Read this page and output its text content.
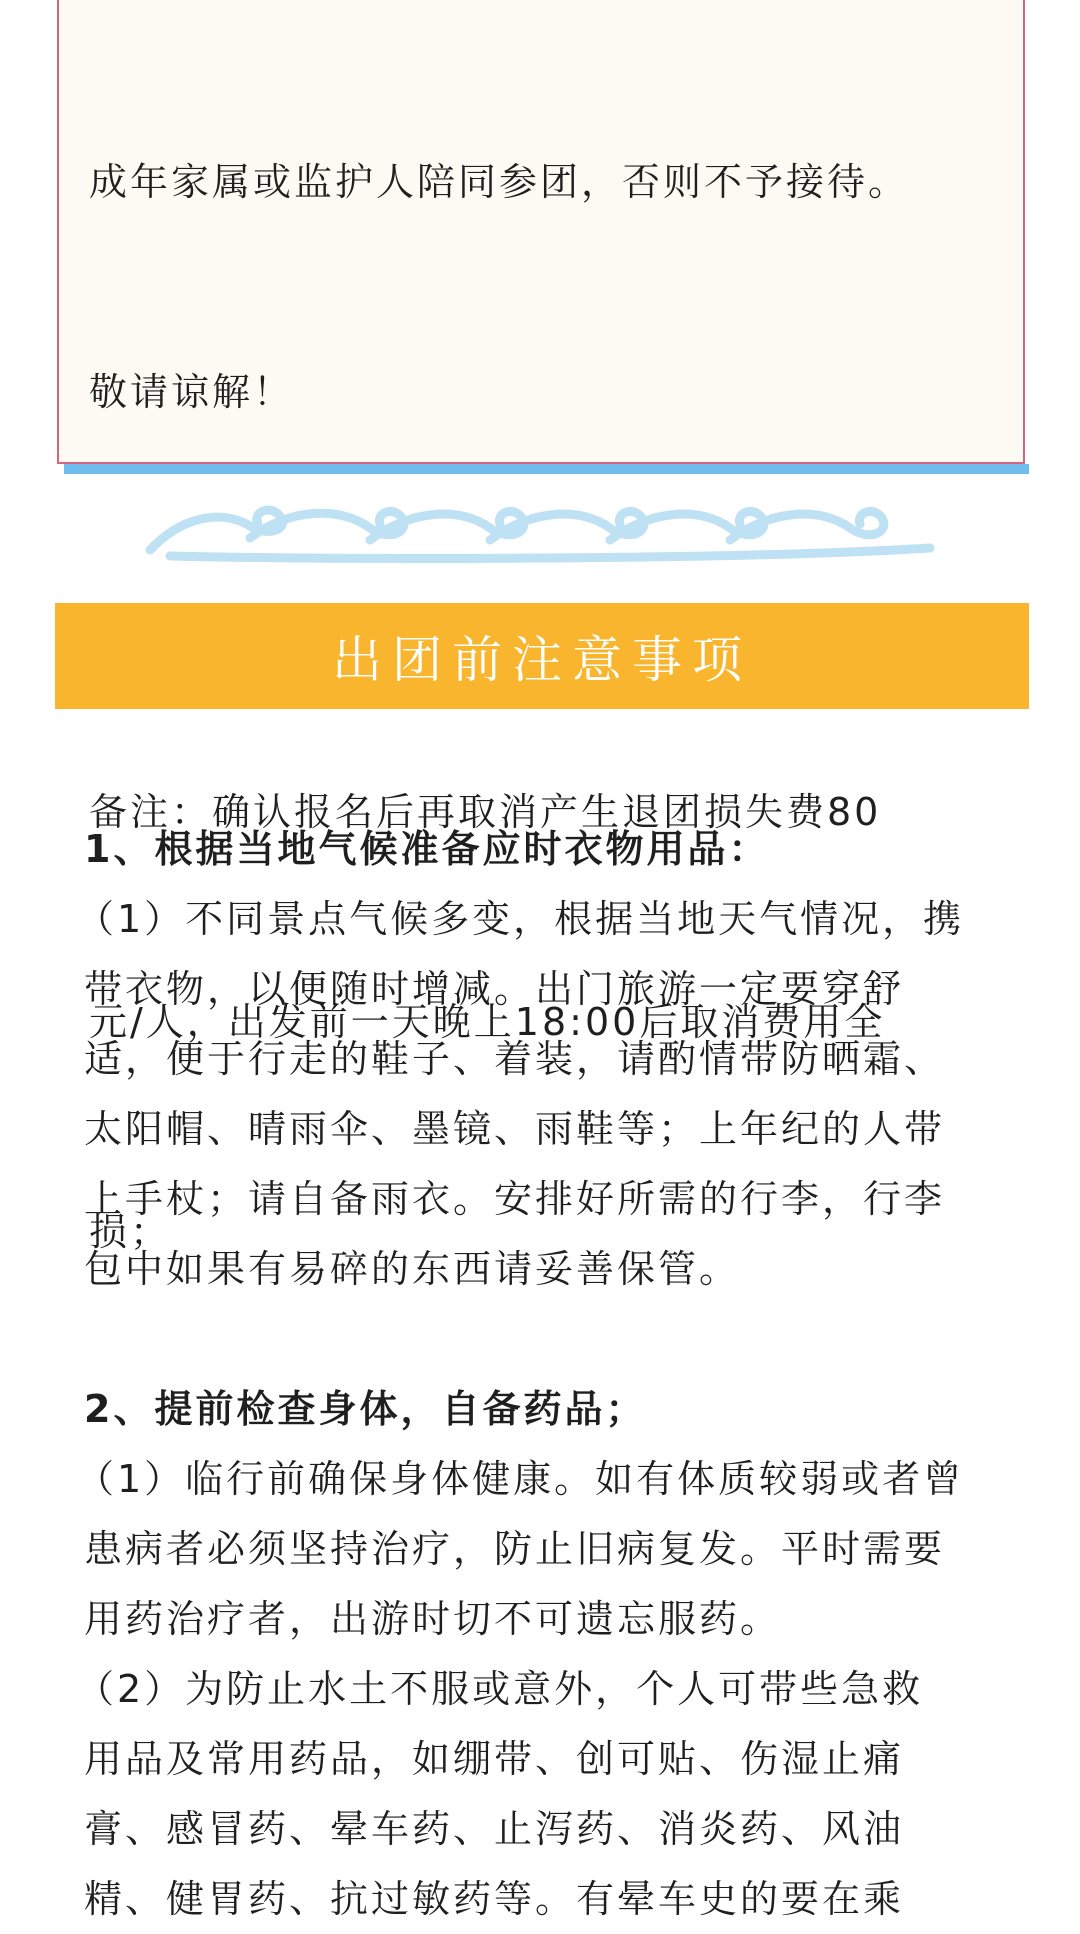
成年家属或监护人陪同参团，否则不予接待。

敬请谅解！

备注：确认报名后再取消产生退团损失费80

元/人，出发前一天晚上18:00后取消费用全

损；

出团前注意事项
1、根据当地气候准备应时衣物用品：
（1）不同景点气候多变，根据当地天气情况，携
带衣物，以便随时增减。出门旅游一定要穿舒
适，便于行走的鞋子、着装，请酌情带防晒霜、
太阳帽、晴雨伞、墨镜、雨鞋等；上年纪的人带
上手杖；请自备雨衣。安排好所需的行李，行李
包中如果有易碎的东西请妥善保管。
2、提前检查身体，自备药品；
（1）临行前确保身体健康。如有体质较弱或者曾
患病者必须坚持治疗，防止旧病复发。平时需要
用药治疗者，出游时切不可遗忘服药。
（2）为防止水土不服或意外，个人可带些急救
用品及常用药品，如绷带、创可贴、伤湿止痛
膏、感冒药、晕车药、止泻药、消炎药、风油
精、健胃药、抗过敏药等。有晕车史的要在乘
